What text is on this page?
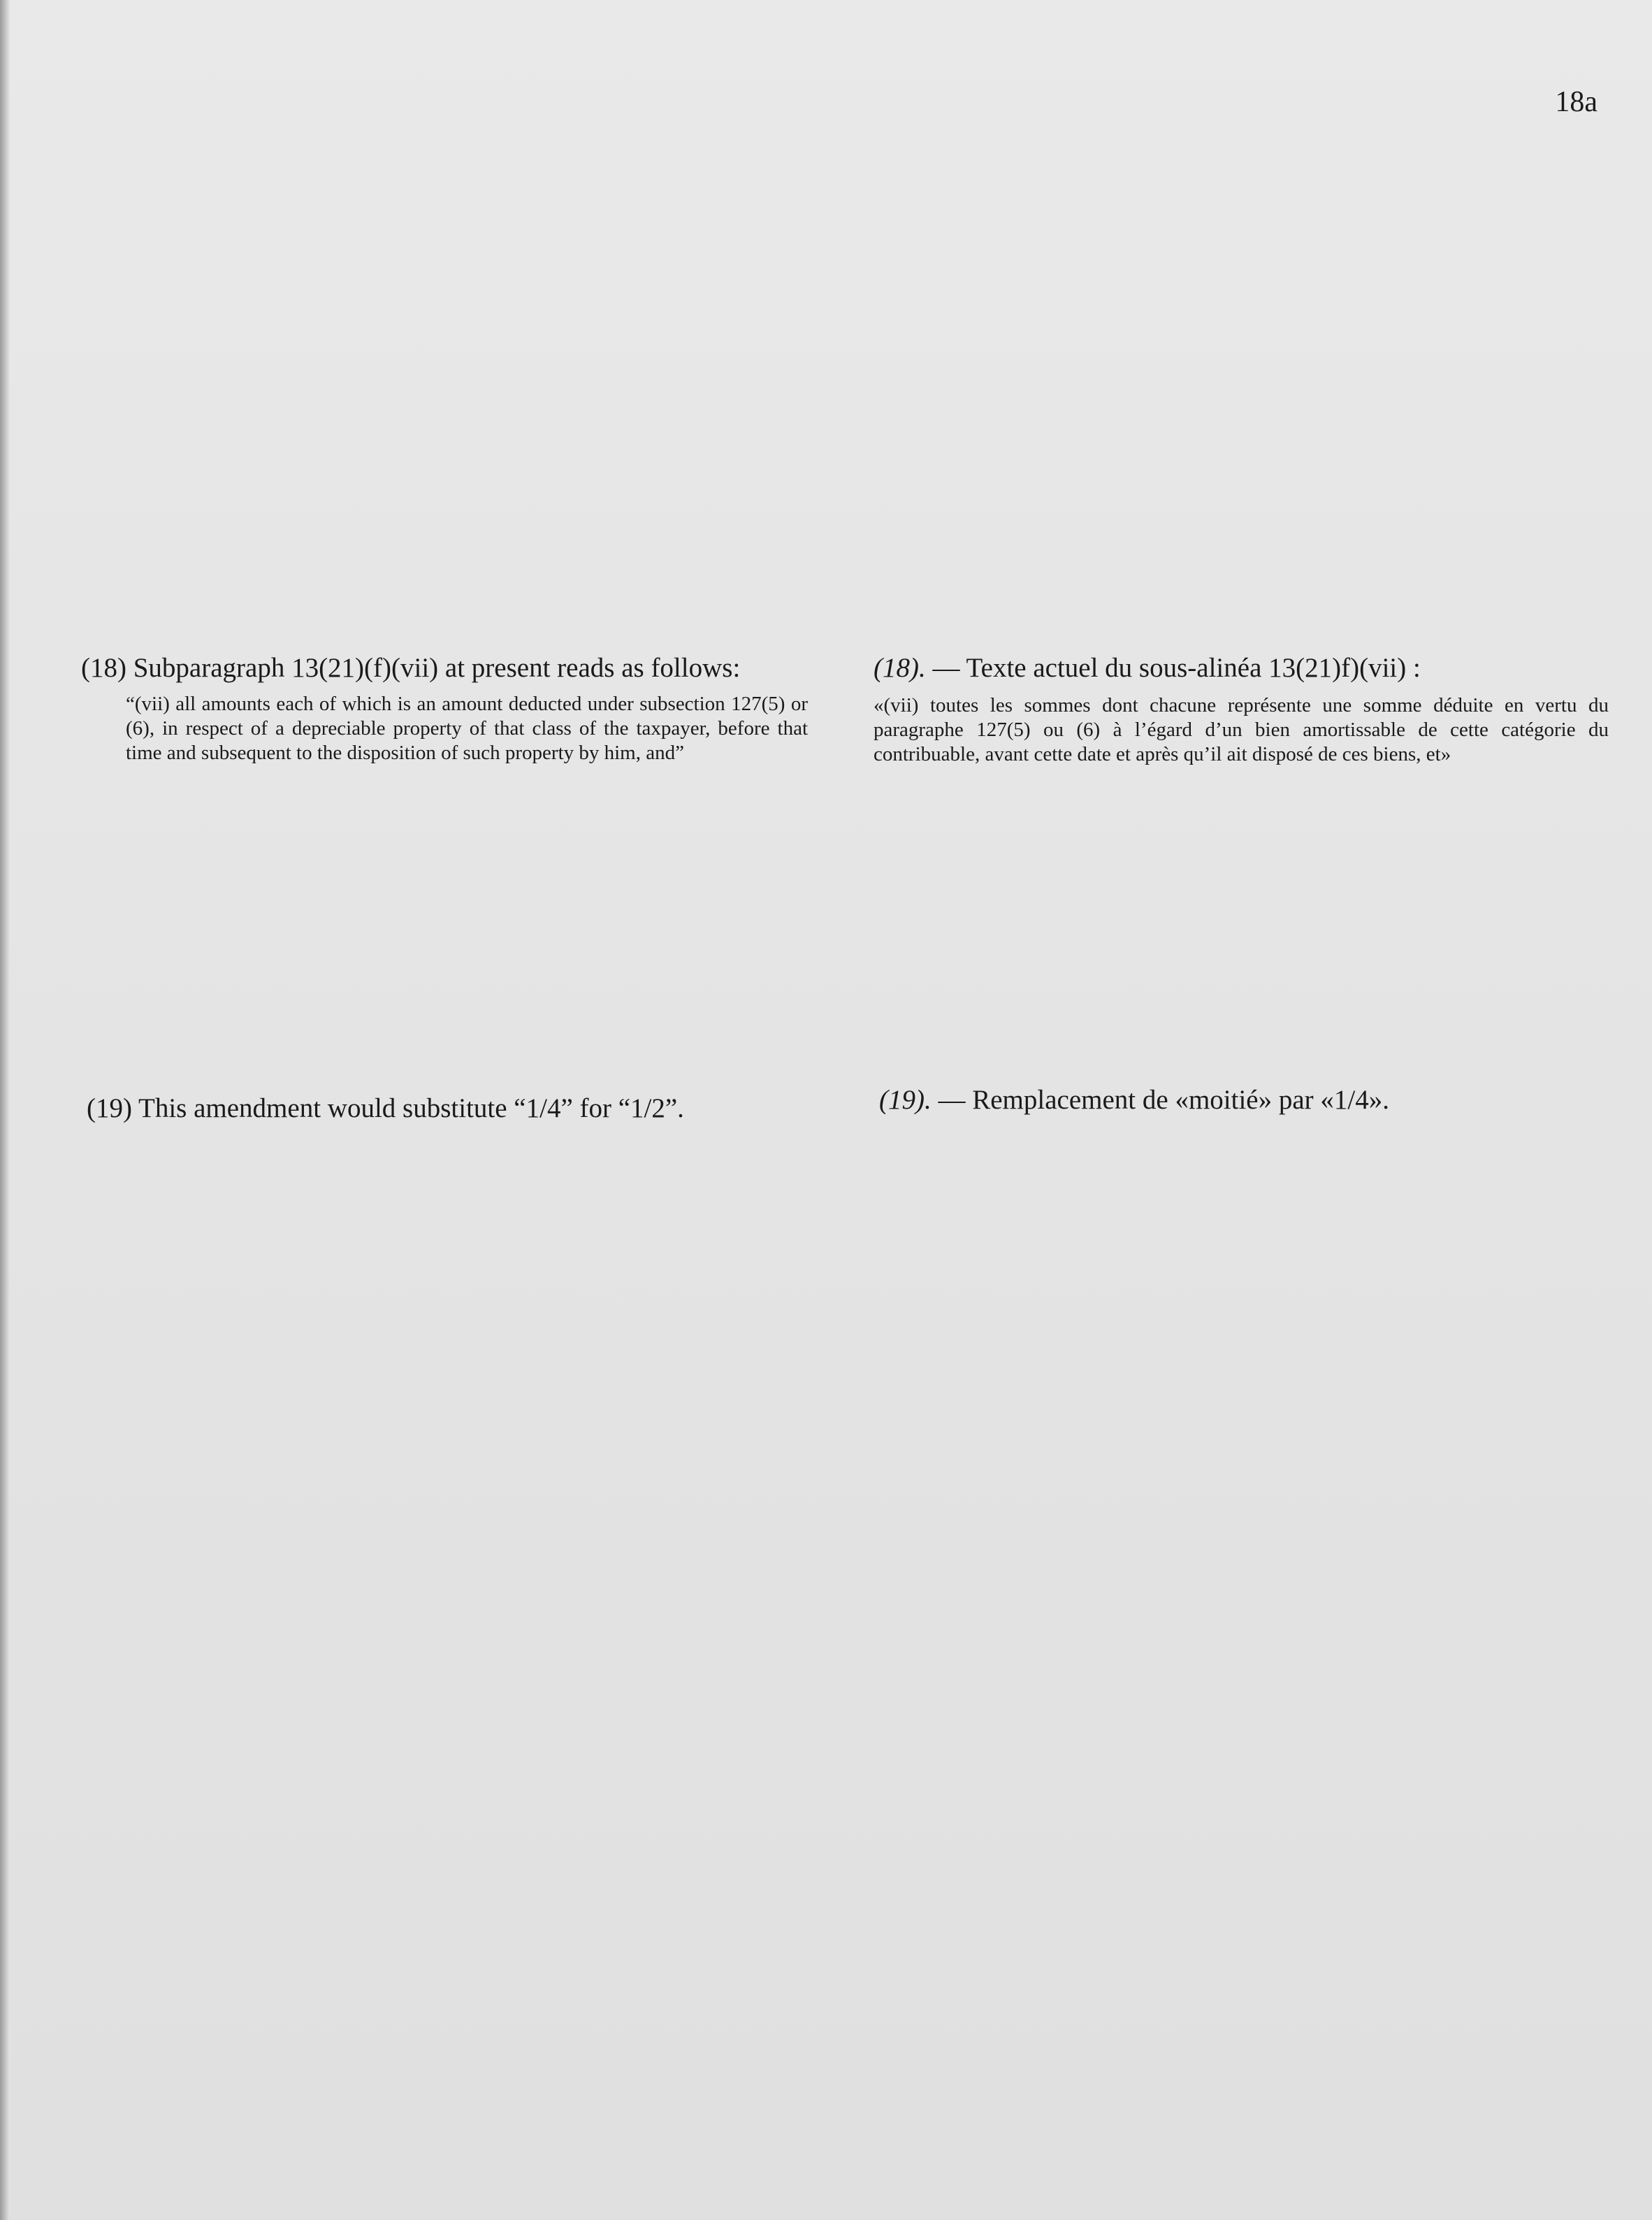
18a
(18) Subparagraph 13(21)(f)(vii) at present reads as follows:
“(vii) all amounts each of which is an amount deducted under subsection 127(5) or (6), in respect of a depreciable property of that class of the taxpayer, before that time and subsequent to the disposition of such property by him, and”
(18). — Texte actuel du sous-alinéa 13(21)f)(vii) :
«(vii) toutes les sommes dont chacune représente une somme déduite en vertu du paragraphe 127(5) ou (6) à l’égard d’un bien amortissable de cette catégorie du contribuable, avant cette date et après qu’il ait disposé de ces biens, et»
(19) This amendment would substitute “1/4” for “1/2”.	(19). — Remplacement de «moitié» par «1/4».
